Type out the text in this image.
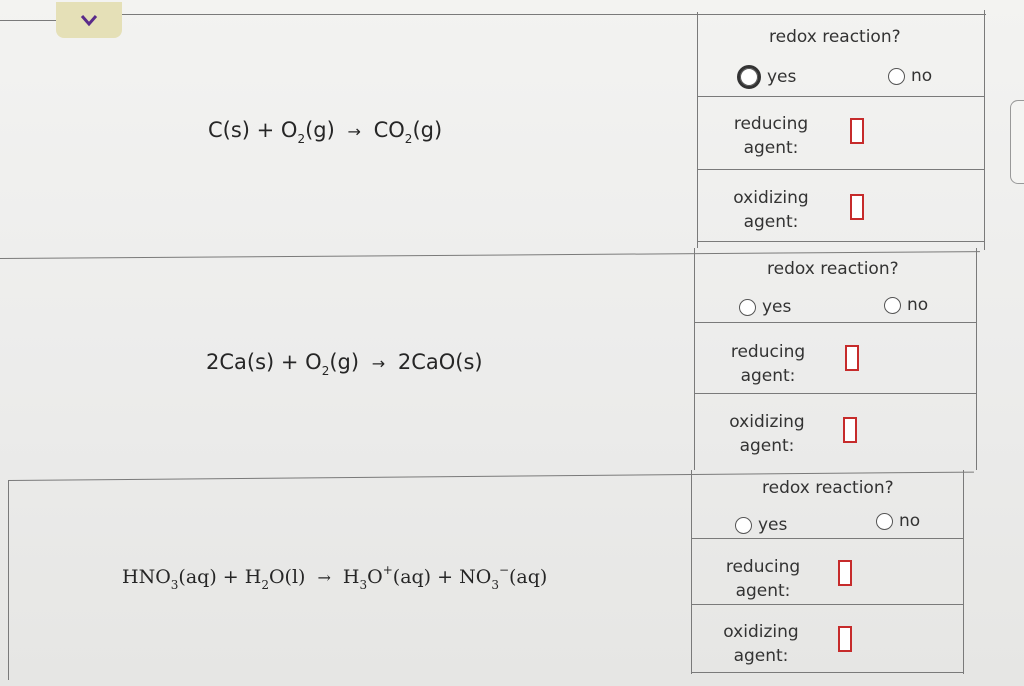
$C(s) + O_2(g) \to CO_2(g)$
redox reaction?
yes	no
reducing agent:
oxidizing agent:
$2Ca(s) + O_2(g) \to 2CaO(s)$
redox reaction?
yes	no
reducing agent:
oxidizing agent:
$HNO_3(aq) + H_2O(l) \to H_3O^+(aq) + NO_3^-(aq)$
redox reaction?
yes	no
reducing agent:
oxidizing agent:
